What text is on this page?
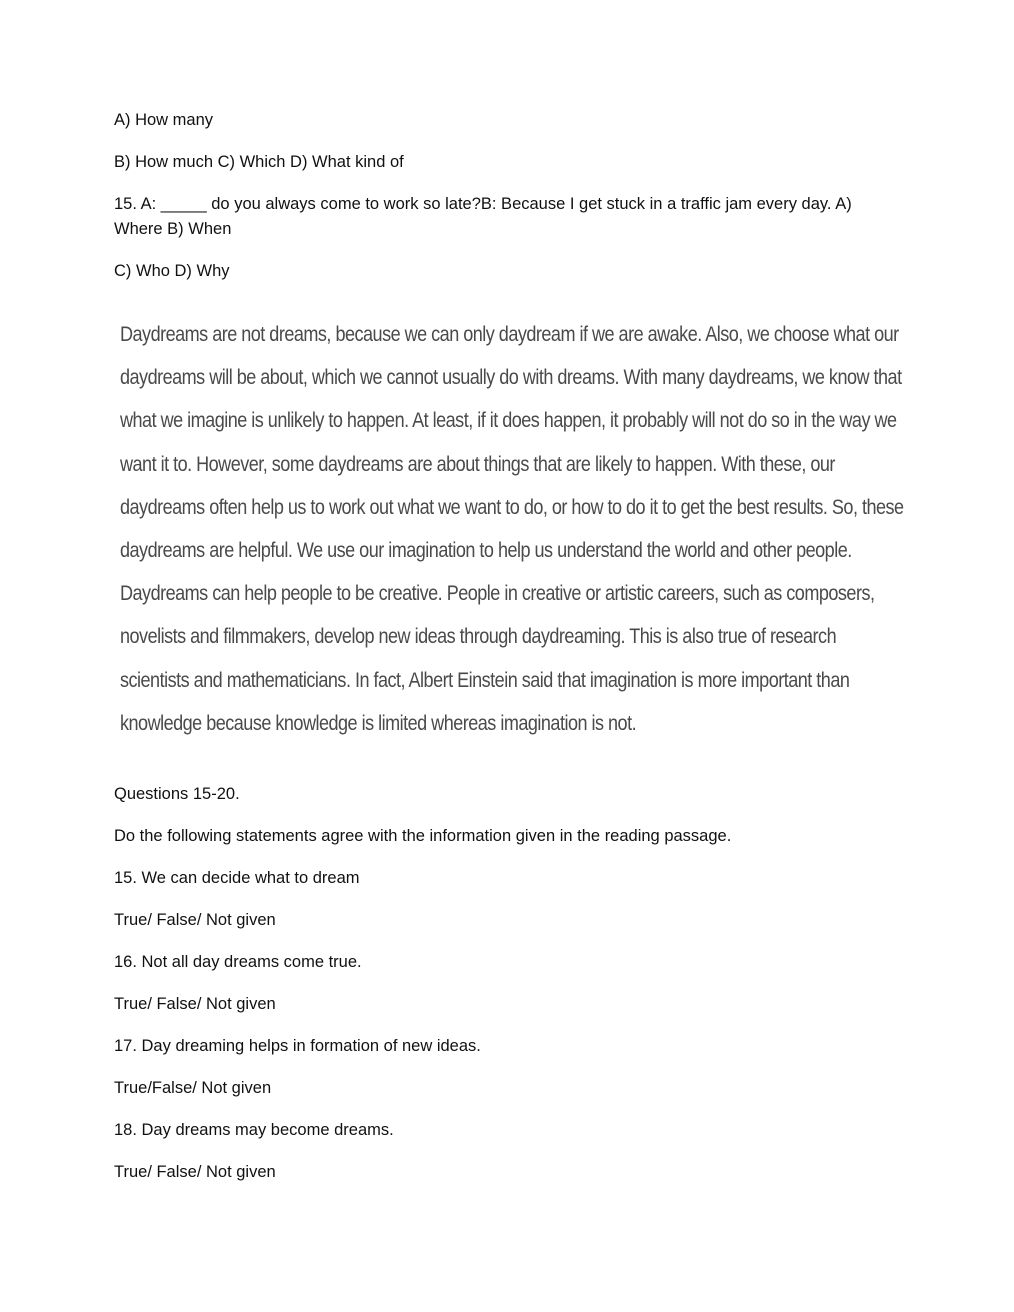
A) How many

B) How much C) Which D) What kind of

15. A: _____ do you always come to work so late?B: Because I get stuck in a traffic jam every day. A)

Where B) When

C) Who D) Why

Daydreams are not dreams, because we can only daydream if we are awake. Also, we choose what our daydreams will be about, which we cannot usually do with dreams. With many daydreams, we know that what we imagine is unlikely to happen. At least, if it does happen, it probably will not do so in the way we want it to. However, some daydreams are about things that are likely to happen. With these, our daydreams often help us to work out what we want to do, or how to do it to get the best results. So, these daydreams are helpful. We use our imagination to help us understand the world and other people. Daydreams can help people to be creative. People in creative or artistic careers, such as composers, novelists and filmmakers, develop new ideas through daydreaming. This is also true of research scientists and mathematicians. In fact, Albert Einstein said that imagination is more important than knowledge because knowledge is limited whereas imagination is not.

Questions 15-20.

Do the following statements agree with the information given in the reading passage.

15. We can decide what to dream

True/ False/ Not given

16. Not all day dreams come true.

True/ False/ Not given

17. Day dreaming helps in formation of new ideas.

True/False/ Not given

18. Day dreams may become dreams.

True/ False/ Not given
